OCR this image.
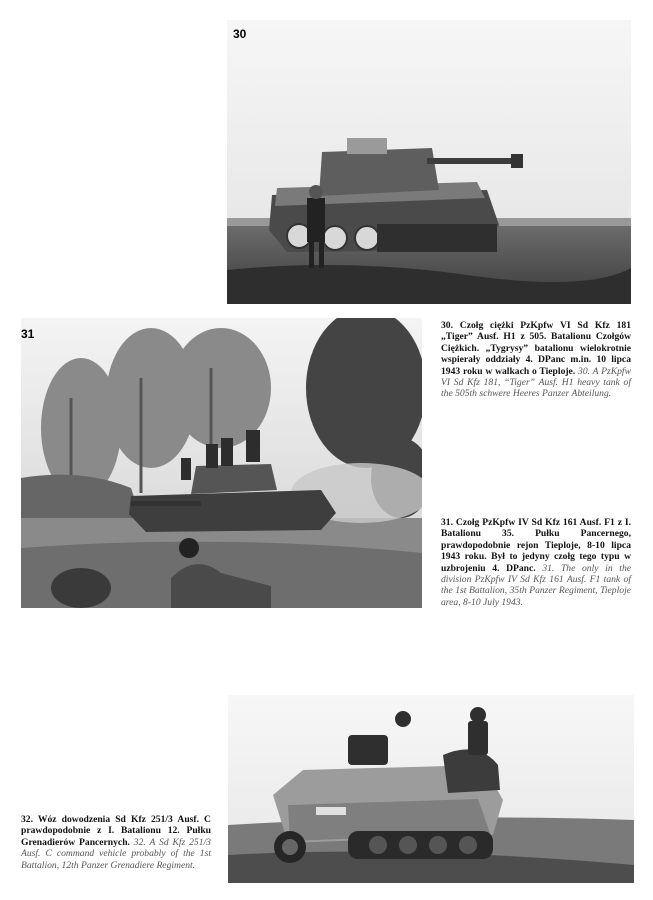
30
31
30. Czołg ciężki PzKpfw VI Sd Kfz 181 „Tiger” Ausf. H1 z 505. Batalionu Czołgów Ciężkich. „Tygrysy” batalionu wielokrotnie wspierały oddziały 4. DPanc m.in. 10 lipca 1943 roku w walkach o Tieploje. 30. A PzKpfw VI Sd Kfz 181, “Tiger” Ausf. H1 heavy tank of the 505th schwere Heeres Panzer Abteilung.
31. Czołg PzKpfw IV Sd Kfz 161 Ausf. F1 z I. Batalionu 35. Pułku Pancernego, prawdopodobnie rejon Tieploje, 8-10 lipca 1943 roku. Był to jedyny czołg tego typu w uzbrojeniu 4. DPanc. 31. The only in the division PzKpfw IV Sd Kfz 161 Ausf. F1 tank of the 1st Battalion, 35th Panzer Regiment, Tieploje area, 8-10 July 1943.
32. Wóz dowodzenia Sd Kfz 251/3 Ausf. C prawdopodobnie z I. Batalionu 12. Pułku Grenadierów Pancernych. 32. A Sd Kfz 251/3 Ausf. C command vehicle probably of the 1st Battalion, 12th Panzer Grenadiere Regiment.
